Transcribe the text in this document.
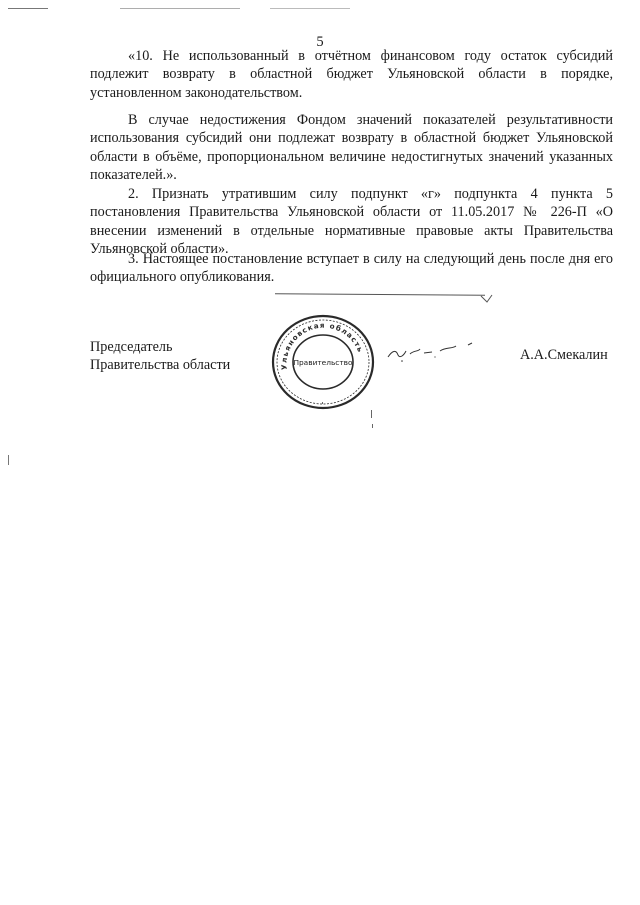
5

«10. Не использованный в отчётном финансовом году остаток субсидий подлежит возврату в областной бюджет Ульяновской области в порядке, установленном законодательством.

В случае недостижения Фондом значений показателей результативности использования субсидий они подлежат возврату в областной бюджет Ульяновской области в объёме, пропорциональном величине недостигнутых значений указанных показателей.».

2. Признать утратившим силу подпункт «г» подпункта 4 пункта 5 постановления Правительства Ульяновской области от 11.05.2017 № 226-П «О внесении изменений в отдельные нормативные правовые акты Правительства Ульяновской области».

3. Настоящее постановление вступает в силу на следующий день после дня его официального опубликования.

Председатель
Правительства области	Ульяновская область
Правительство	А.А.Смекалин
